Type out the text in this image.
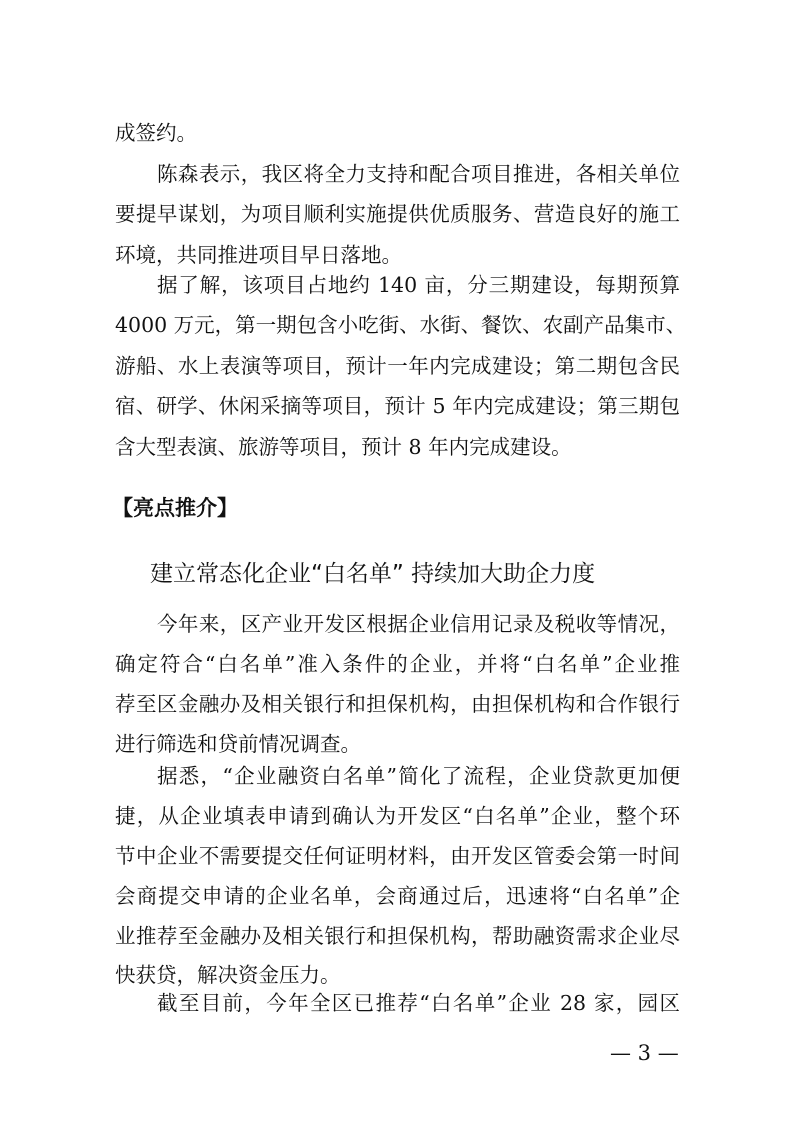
成签约。
陈森表示，我区将全力支持和配合项目推进，各相关单位
要提早谋划，为项目顺利实施提供优质服务、营造良好的施工
环境，共同推进项目早日落地。
据了解，该项目占地约 140 亩，分三期建设，每期预算
4000 万元，第一期包含小吃街、水街、餐饮、农副产品集市、
游船、水上表演等项目，预计一年内完成建设；第二期包含民
宿、研学、休闲采摘等项目，预计 5 年内完成建设；第三期包
含大型表演、旅游等项目，预计 8 年内完成建设。
【亮点推介】
建立常态化企业“白名单” 持续加大助企力度
今年来，区产业开发区根据企业信用记录及税收等情况，
确定符合“白名单”准入条件的企业，并将“白名单”企业推
荐至区金融办及相关银行和担保机构，由担保机构和合作银行
进行筛选和贷前情况调查。
据悉，“企业融资白名单”简化了流程，企业贷款更加便
捷，从企业填表申请到确认为开发区“白名单”企业，整个环
节中企业不需要提交任何证明材料，由开发区管委会第一时间
会商提交申请的企业名单，会商通过后，迅速将“白名单”企
业推荐至金融办及相关银行和担保机构，帮助融资需求企业尽
快获贷，解决资金压力。
截至目前，今年全区已推荐“白名单”企业 28 家，园区
— 3 —
